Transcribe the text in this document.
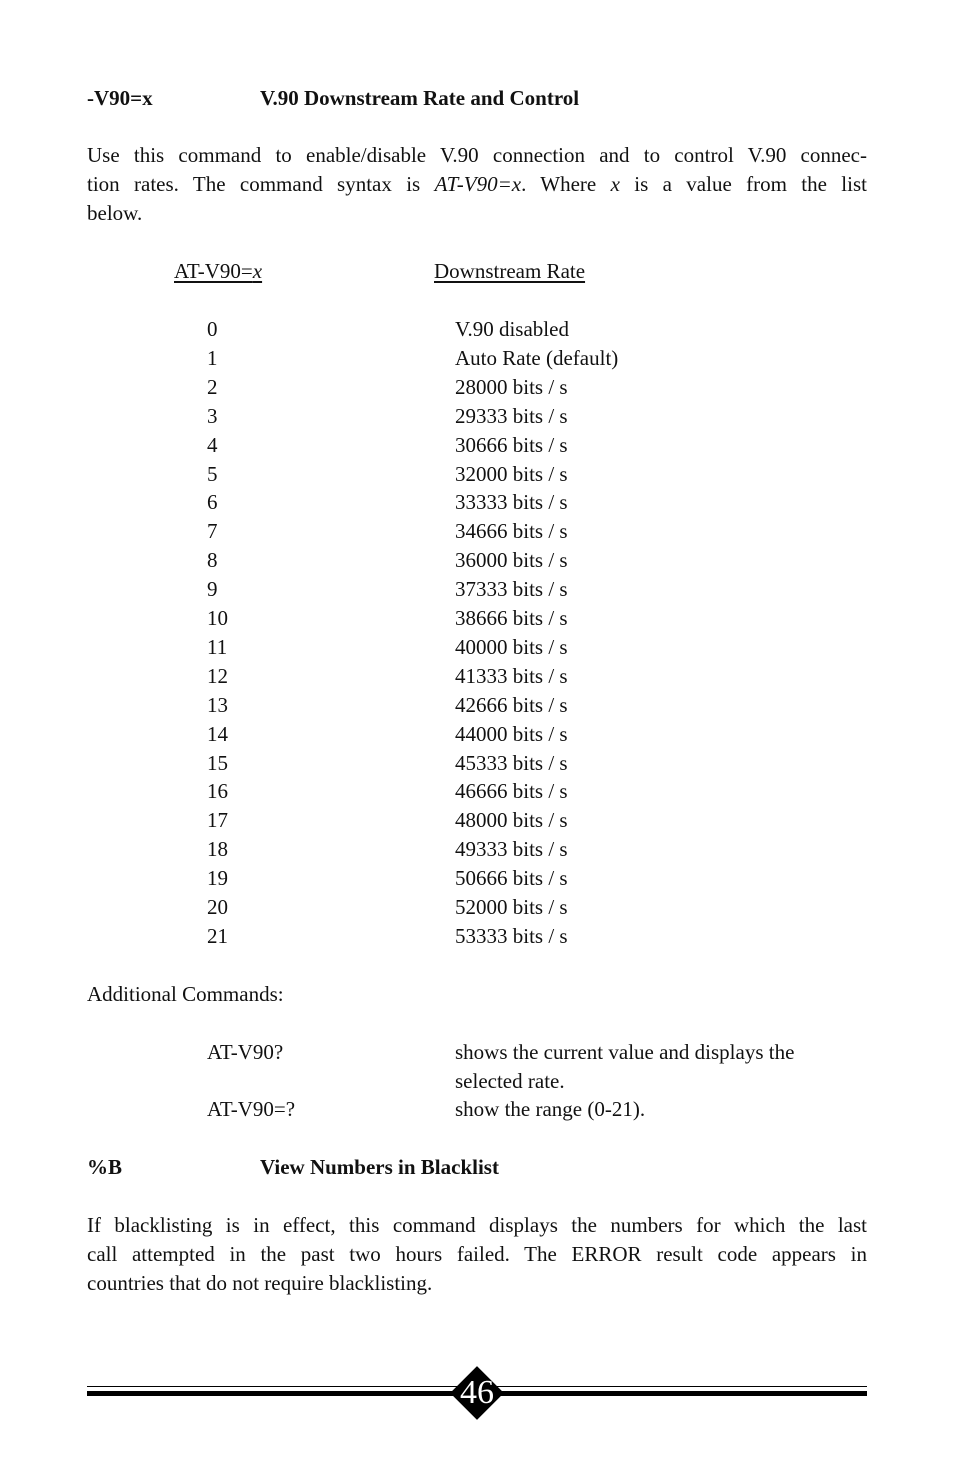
-V90=x	V.90 Downstream Rate and Control
Use this command to enable/disable V.90 connection and to control V.90 connec-
tion rates. The command syntax is AT-V90=x. Where x is a value from the list
below.
AT-V90=x	Downstream Rate
0	V.90 disabled
1	Auto Rate (default)
2	28000 bits / s
3	29333 bits / s
4	30666 bits / s
5	32000 bits / s
6	33333 bits / s
7	34666 bits / s
8	36000 bits / s
9	37333 bits / s
10	38666 bits / s
11	40000 bits / s
12	41333 bits / s
13	42666 bits / s
14	44000 bits / s
15	45333 bits / s
16	46666 bits / s
17	48000 bits / s
18	49333 bits / s
19	50666 bits / s
20	52000 bits / s
21	53333 bits / s
Additional Commands:
AT-V90?	shows the current value and displays the
selected rate.
AT-V90=?	show the range (0-21).
%B	View Numbers in Blacklist
If blacklisting is in effect, this command displays the numbers for which the last
call attempted in the past two hours failed. The ERROR result code appears in
countries that do not require blacklisting.
46
